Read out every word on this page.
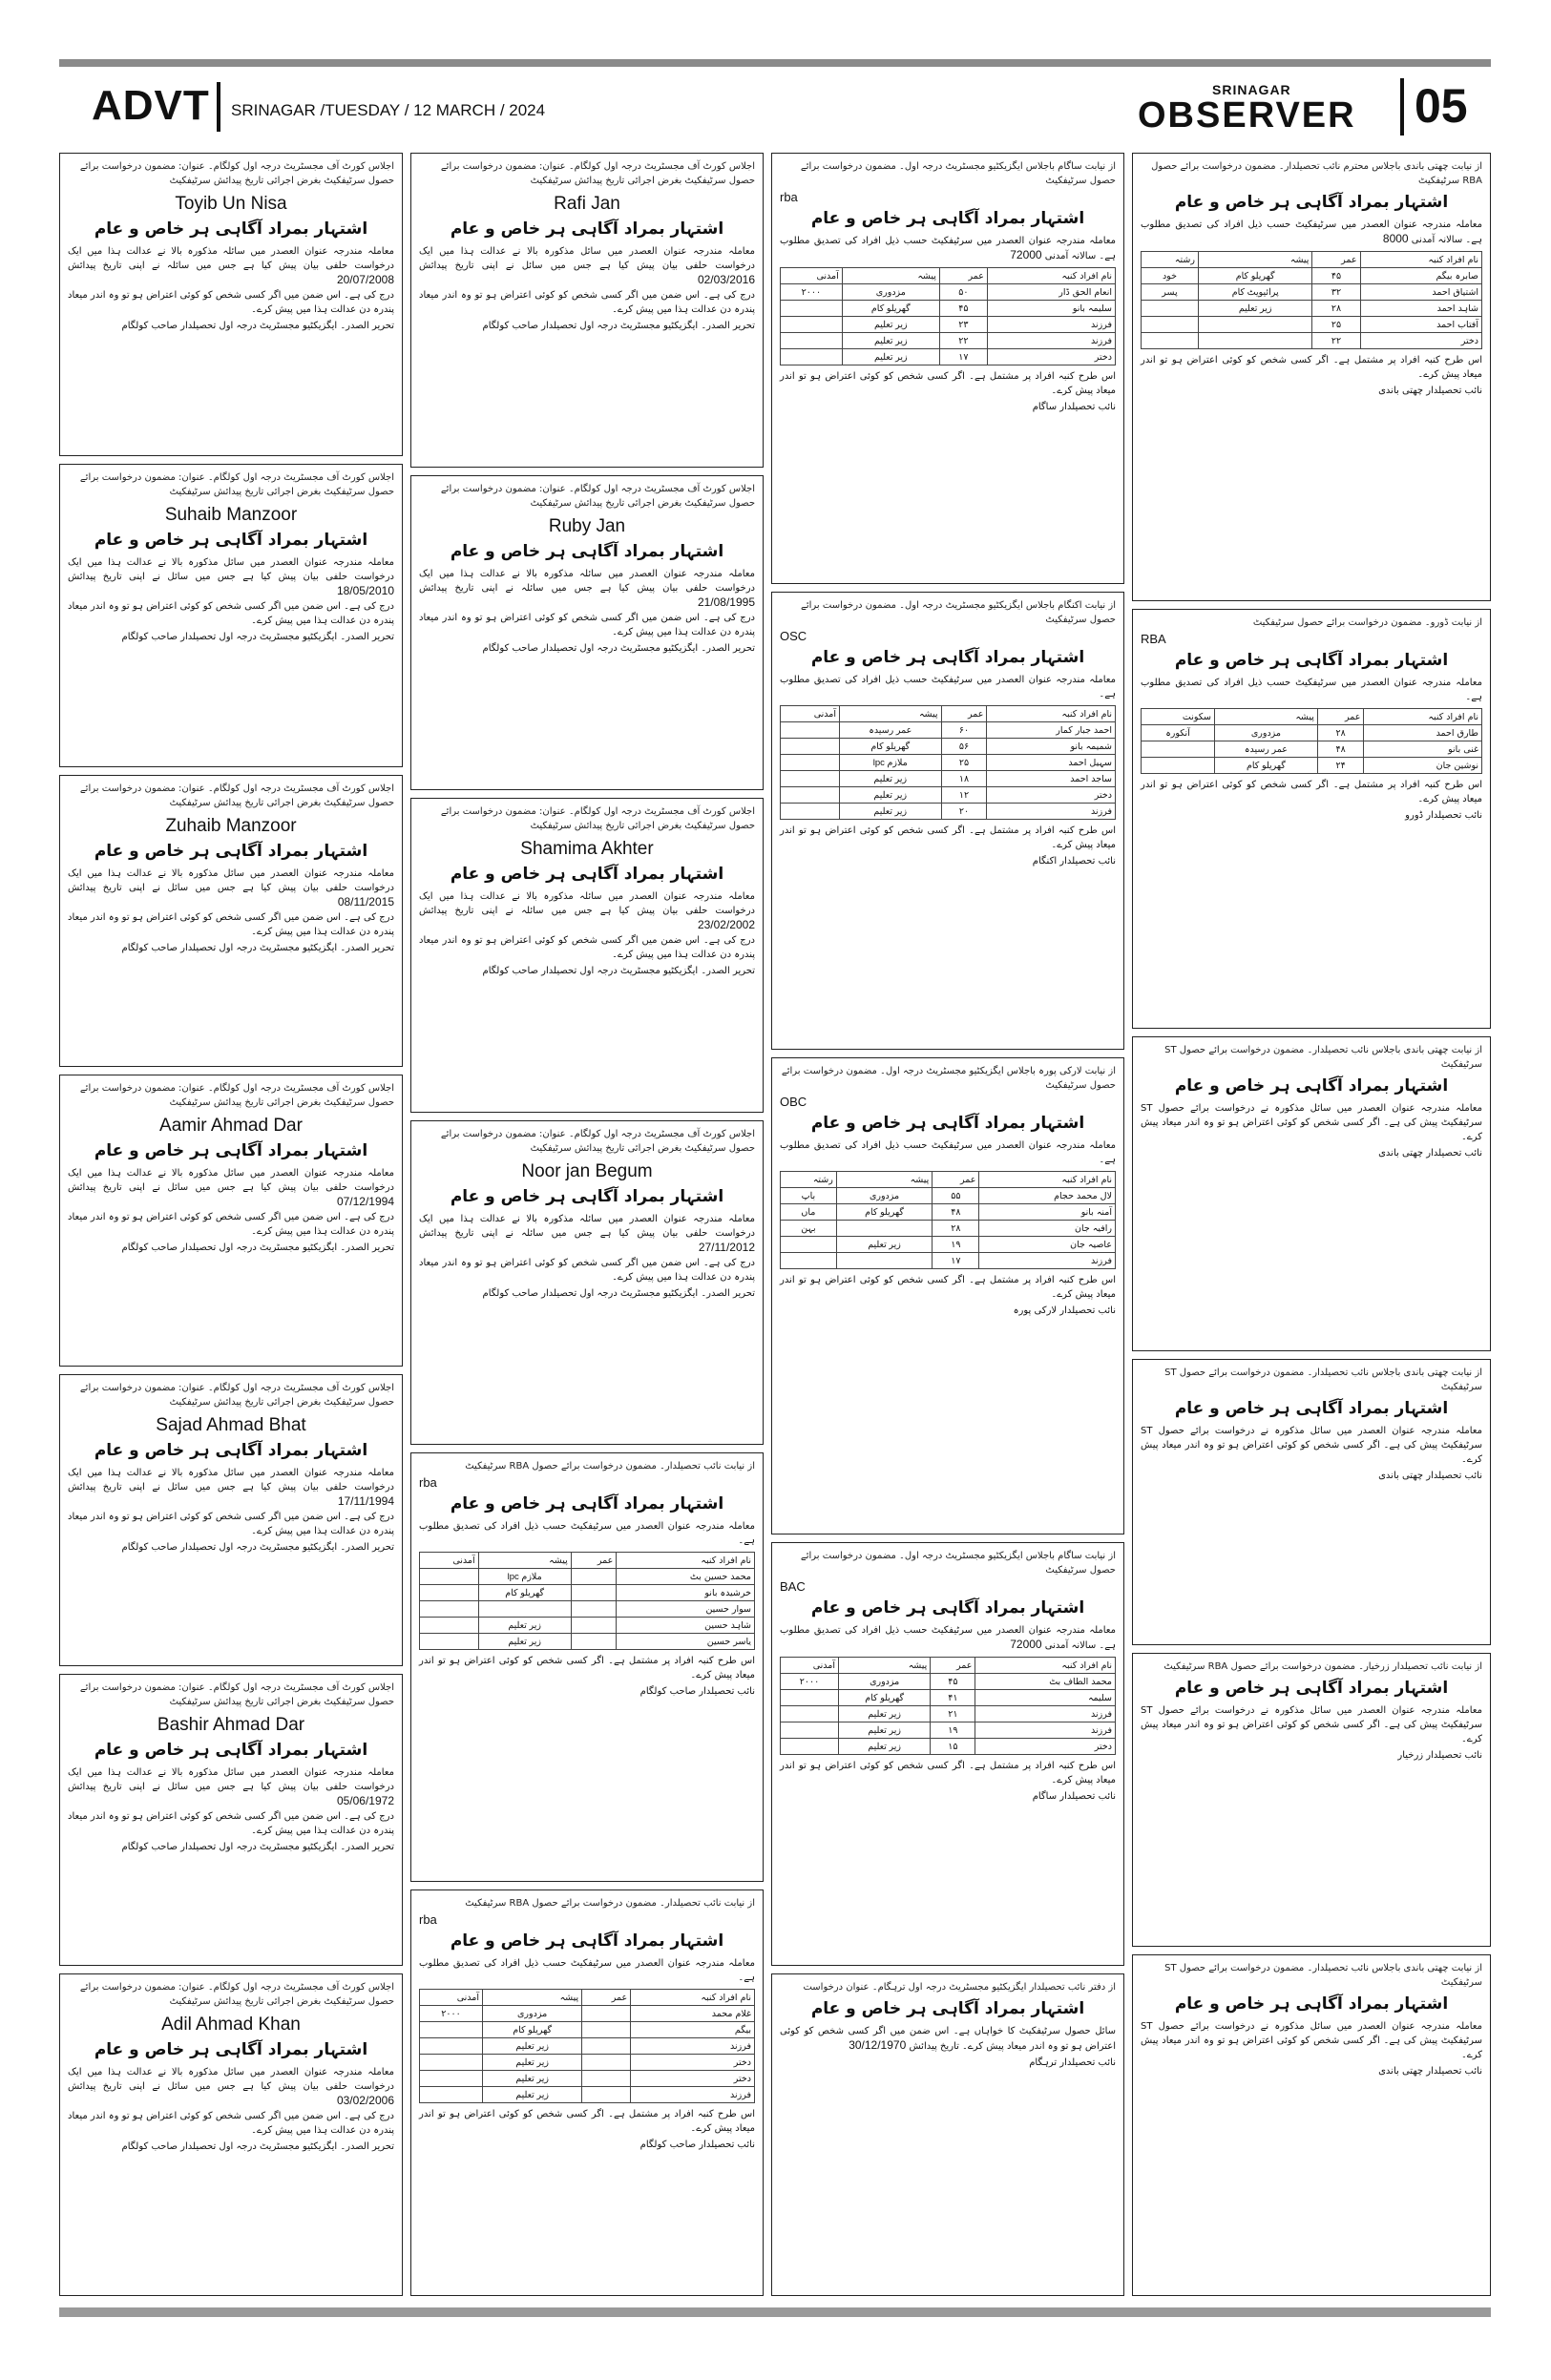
ADVT SRINAGAR /TUESDAY / 12 MARCH / 2024
SRINAGAR
OBSERVER 05
اجلاس کورٹ آف مجسٹریٹ درجہ اول کولگام۔ عنوان: مضمون درخواست برائے حصول سرٹیفکیٹ بغرض اجرائی تاریخ پیدائش سرٹیفکیٹ
Toyib Un Nisa
اشتہار بمراد آگاہی ہر خاص و عام
معاملہ مندرجہ عنوان العصدر میں سائلہ مذکورہ بالا نے عدالت ہذا میں ایک درخواست حلفی بیان پیش کیا ہے جس میں سائلہ نے اپنی تاریخ پیدائش 20/07/2008
درج کی ہے۔ اس ضمن میں اگر کسی شخص کو کوئی اعتراض ہو تو وہ اندر میعاد پندرہ دن عدالت ہذا میں پیش کرے۔
تحریر الصدر۔ ایگزیکٹیو مجسٹریٹ درجہ اول تحصیلدار صاحب کولگام
اجلاس کورٹ آف مجسٹریٹ درجہ اول کولگام۔ عنوان: مضمون درخواست برائے حصول سرٹیفکیٹ بغرض اجرائی تاریخ پیدائش سرٹیفکیٹ
Suhaib Manzoor
اشتہار بمراد آگاہی ہر خاص و عام
معاملہ مندرجہ عنوان العصدر میں سائل مذکورہ بالا نے عدالت ہذا میں ایک درخواست حلفی بیان پیش کیا ہے جس میں سائل نے اپنی تاریخ پیدائش 18/05/2010
درج کی ہے۔ اس ضمن میں اگر کسی شخص کو کوئی اعتراض ہو تو وہ اندر میعاد پندرہ دن عدالت ہذا میں پیش کرے۔
تحریر الصدر۔ ایگزیکٹیو مجسٹریٹ درجہ اول تحصیلدار صاحب کولگام
اجلاس کورٹ آف مجسٹریٹ درجہ اول کولگام۔ عنوان: مضمون درخواست برائے حصول سرٹیفکیٹ بغرض اجرائی تاریخ پیدائش سرٹیفکیٹ
Zuhaib Manzoor
اشتہار بمراد آگاہی ہر خاص و عام
معاملہ مندرجہ عنوان العصدر میں سائل مذکورہ بالا نے عدالت ہذا میں ایک درخواست حلفی بیان پیش کیا ہے جس میں سائل نے اپنی تاریخ پیدائش 08/11/2015
درج کی ہے۔ اس ضمن میں اگر کسی شخص کو کوئی اعتراض ہو تو وہ اندر میعاد پندرہ دن عدالت ہذا میں پیش کرے۔
تحریر الصدر۔ ایگزیکٹیو مجسٹریٹ درجہ اول تحصیلدار صاحب کولگام
اجلاس کورٹ آف مجسٹریٹ درجہ اول کولگام۔ عنوان: مضمون درخواست برائے حصول سرٹیفکیٹ بغرض اجرائی تاریخ پیدائش سرٹیفکیٹ
Aamir Ahmad Dar
اشتہار بمراد آگاہی ہر خاص و عام
معاملہ مندرجہ عنوان العصدر میں سائل مذکورہ بالا نے عدالت ہذا میں ایک درخواست حلفی بیان پیش کیا ہے جس میں سائل نے اپنی تاریخ پیدائش 07/12/1994
درج کی ہے۔ اس ضمن میں اگر کسی شخص کو کوئی اعتراض ہو تو وہ اندر میعاد پندرہ دن عدالت ہذا میں پیش کرے۔
تحریر الصدر۔ ایگزیکٹیو مجسٹریٹ درجہ اول تحصیلدار صاحب کولگام
اجلاس کورٹ آف مجسٹریٹ درجہ اول کولگام۔ عنوان: مضمون درخواست برائے حصول سرٹیفکیٹ بغرض اجرائی تاریخ پیدائش سرٹیفکیٹ
Sajad Ahmad Bhat
اشتہار بمراد آگاہی ہر خاص و عام
معاملہ مندرجہ عنوان العصدر میں سائل مذکورہ بالا نے عدالت ہذا میں ایک درخواست حلفی بیان پیش کیا ہے جس میں سائل نے اپنی تاریخ پیدائش 17/11/1994
درج کی ہے۔ اس ضمن میں اگر کسی شخص کو کوئی اعتراض ہو تو وہ اندر میعاد پندرہ دن عدالت ہذا میں پیش کرے۔
تحریر الصدر۔ ایگزیکٹیو مجسٹریٹ درجہ اول تحصیلدار صاحب کولگام
اجلاس کورٹ آف مجسٹریٹ درجہ اول کولگام۔ عنوان: مضمون درخواست برائے حصول سرٹیفکیٹ بغرض اجرائی تاریخ پیدائش سرٹیفکیٹ
Bashir Ahmad Dar
اشتہار بمراد آگاہی ہر خاص و عام
معاملہ مندرجہ عنوان العصدر میں سائل مذکورہ بالا نے عدالت ہذا میں ایک درخواست حلفی بیان پیش کیا ہے جس میں سائل نے اپنی تاریخ پیدائش 05/06/1972
درج کی ہے۔ اس ضمن میں اگر کسی شخص کو کوئی اعتراض ہو تو وہ اندر میعاد پندرہ دن عدالت ہذا میں پیش کرے۔
تحریر الصدر۔ ایگزیکٹیو مجسٹریٹ درجہ اول تحصیلدار صاحب کولگام
اجلاس کورٹ آف مجسٹریٹ درجہ اول کولگام۔ عنوان: مضمون درخواست برائے حصول سرٹیفکیٹ بغرض اجرائی تاریخ پیدائش سرٹیفکیٹ
Adil Ahmad Khan
اشتہار بمراد آگاہی ہر خاص و عام
معاملہ مندرجہ عنوان العصدر میں سائل مذکورہ بالا نے عدالت ہذا میں ایک درخواست حلفی بیان پیش کیا ہے جس میں سائل نے اپنی تاریخ پیدائش 03/02/2006
درج کی ہے۔ اس ضمن میں اگر کسی شخص کو کوئی اعتراض ہو تو وہ اندر میعاد پندرہ دن عدالت ہذا میں پیش کرے۔
تحریر الصدر۔ ایگزیکٹیو مجسٹریٹ درجہ اول تحصیلدار صاحب کولگام
اجلاس کورٹ آف مجسٹریٹ درجہ اول کولگام۔ عنوان: مضمون درخواست برائے حصول سرٹیفکیٹ بغرض اجرائی تاریخ پیدائش سرٹیفکیٹ
Rafi Jan
اشتہار بمراد آگاہی ہر خاص و عام
معاملہ مندرجہ عنوان العصدر میں سائل مذکورہ بالا نے عدالت ہذا میں ایک درخواست حلفی بیان پیش کیا ہے جس میں سائل نے اپنی تاریخ پیدائش 02/03/2016
درج کی ہے۔ اس ضمن میں اگر کسی شخص کو کوئی اعتراض ہو تو وہ اندر میعاد پندرہ دن عدالت ہذا میں پیش کرے۔
تحریر الصدر۔ ایگزیکٹیو مجسٹریٹ درجہ اول تحصیلدار صاحب کولگام
اجلاس کورٹ آف مجسٹریٹ درجہ اول کولگام۔ عنوان: مضمون درخواست برائے حصول سرٹیفکیٹ بغرض اجرائی تاریخ پیدائش سرٹیفکیٹ
Ruby Jan
اشتہار بمراد آگاہی ہر خاص و عام
معاملہ مندرجہ عنوان العصدر میں سائلہ مذکورہ بالا نے عدالت ہذا میں ایک درخواست حلفی بیان پیش کیا ہے جس میں سائلہ نے اپنی تاریخ پیدائش 21/08/1995
درج کی ہے۔ اس ضمن میں اگر کسی شخص کو کوئی اعتراض ہو تو وہ اندر میعاد پندرہ دن عدالت ہذا میں پیش کرے۔
تحریر الصدر۔ ایگزیکٹیو مجسٹریٹ درجہ اول تحصیلدار صاحب کولگام
اجلاس کورٹ آف مجسٹریٹ درجہ اول کولگام۔ عنوان: مضمون درخواست برائے حصول سرٹیفکیٹ بغرض اجرائی تاریخ پیدائش سرٹیفکیٹ
Shamima Akhter
اشتہار بمراد آگاہی ہر خاص و عام
معاملہ مندرجہ عنوان العصدر میں سائلہ مذکورہ بالا نے عدالت ہذا میں ایک درخواست حلفی بیان پیش کیا ہے جس میں سائلہ نے اپنی تاریخ پیدائش 23/02/2002
درج کی ہے۔ اس ضمن میں اگر کسی شخص کو کوئی اعتراض ہو تو وہ اندر میعاد پندرہ دن عدالت ہذا میں پیش کرے۔
تحریر الصدر۔ ایگزیکٹیو مجسٹریٹ درجہ اول تحصیلدار صاحب کولگام
اجلاس کورٹ آف مجسٹریٹ درجہ اول کولگام۔ عنوان: مضمون درخواست برائے حصول سرٹیفکیٹ بغرض اجرائی تاریخ پیدائش سرٹیفکیٹ
Noor jan Begum
اشتہار بمراد آگاہی ہر خاص و عام
معاملہ مندرجہ عنوان العصدر میں سائلہ مذکورہ بالا نے عدالت ہذا میں ایک درخواست حلفی بیان پیش کیا ہے جس میں سائلہ نے اپنی تاریخ پیدائش 27/11/2012
درج کی ہے۔ اس ضمن میں اگر کسی شخص کو کوئی اعتراض ہو تو وہ اندر میعاد پندرہ دن عدالت ہذا میں پیش کرے۔
تحریر الصدر۔ ایگزیکٹیو مجسٹریٹ درجہ اول تحصیلدار صاحب کولگام
از نیابت نائب تحصیلدار۔ مضمون درخواست برائے حصول RBA سرٹیفکیٹ
rba
اشتہار بمراد آگاہی ہر خاص و عام
معاملہ مندرجہ عنوان العصدر میں سرٹیفکیٹ حسب ذیل افراد کی تصدیق مطلوب ہے۔
نام افراد کنبہ	عمر	پیشہ	آمدنی
محمد حسین بٹ		ملازم lpc	
خرشیدہ بانو		گھریلو کام	
سوار حسین			
شاہد حسین		زیر تعلیم	
یاسر حسین		زیر تعلیم	
اس طرح کنبہ افراد پر مشتمل ہے۔ اگر کسی شخص کو کوئی اعتراض ہو تو اندر میعاد پیش کرے۔
نائب تحصیلدار صاحب کولگام
از نیابت نائب تحصیلدار۔ مضمون درخواست برائے حصول RBA سرٹیفکیٹ
rba
اشتہار بمراد آگاہی ہر خاص و عام
معاملہ مندرجہ عنوان العصدر میں سرٹیفکیٹ حسب ذیل افراد کی تصدیق مطلوب ہے۔
نام افراد کنبہ	عمر	پیشہ	آمدنی
غلام محمد		مزدوری	۲۰۰۰
بیگم		گھریلو کام	
فرزند		زیر تعلیم	
دختر		زیر تعلیم	
دختر		زیر تعلیم	
فرزند		زیر تعلیم	
اس طرح کنبہ افراد پر مشتمل ہے۔ اگر کسی شخص کو کوئی اعتراض ہو تو اندر میعاد پیش کرے۔
نائب تحصیلدار صاحب کولگام
از نیابت ساگام باجلاس ایگزیکٹیو مجسٹریٹ درجہ اول۔ مضمون درخواست برائے حصول سرٹیفکیٹ
rba
اشتہار بمراد آگاہی ہر خاص و عام
معاملہ مندرجہ عنوان العصدر میں سرٹیفکیٹ حسب ذیل افراد کی تصدیق مطلوب ہے۔ سالانہ آمدنی 72000
نام افراد کنبہ	عمر	پیشہ	آمدنی
انعام الحق ڈار	۵۰	مزدوری	۲۰۰۰
سلیمہ بانو	۴۵	گھریلو کام	
فرزند	۲۳	زیر تعلیم	
فرزند	۲۲	زیر تعلیم	
دختر	۱۷	زیر تعلیم	
اس طرح کنبہ افراد پر مشتمل ہے۔ اگر کسی شخص کو کوئی اعتراض ہو تو اندر میعاد پیش کرے۔
نائب تحصیلدار ساگام
از نیابت اکنگام باجلاس ایگزیکٹیو مجسٹریٹ درجہ اول۔ مضمون درخواست برائے حصول سرٹیفکیٹ
OSC
اشتہار بمراد آگاہی ہر خاص و عام
معاملہ مندرجہ عنوان العصدر میں سرٹیفکیٹ حسب ذیل افراد کی تصدیق مطلوب ہے۔
نام افراد کنبہ	عمر	پیشہ	آمدنی
احمد جبار کمار	۶۰	عمر رسیدہ	
شمیمہ بانو	۵۶	گھریلو کام	
سہیل احمد	۲۵	ملازم lpc	
ساجد احمد	۱۸	زیر تعلیم	
دختر	۱۲	زیر تعلیم	
فرزند	۲۰	زیر تعلیم	
اس طرح کنبہ افراد پر مشتمل ہے۔ اگر کسی شخص کو کوئی اعتراض ہو تو اندر میعاد پیش کرے۔
نائب تحصیلدار اکنگام
از نیابت لارکی پورہ باجلاس ایگزیکٹیو مجسٹریٹ درجہ اول۔ مضمون درخواست برائے حصول سرٹیفکیٹ
OBC
اشتہار بمراد آگاہی ہر خاص و عام
معاملہ مندرجہ عنوان العصدر میں سرٹیفکیٹ حسب ذیل افراد کی تصدیق مطلوب ہے۔
نام افراد کنبہ	عمر	پیشہ	رشتہ
لال محمد حجام	۵۵	مزدوری	باپ
آمنہ بانو	۴۸	گھریلو کام	ماں
رافیہ جان	۲۸		بہن
عاصیہ جان	۱۹	زیر تعلیم	
فرزند	۱۷		
اس طرح کنبہ افراد پر مشتمل ہے۔ اگر کسی شخص کو کوئی اعتراض ہو تو اندر میعاد پیش کرے۔
نائب تحصیلدار لارکی پورہ
از نیابت ساگام باجلاس ایگزیکٹیو مجسٹریٹ درجہ اول۔ مضمون درخواست برائے حصول سرٹیفکیٹ
BAC
اشتہار بمراد آگاہی ہر خاص و عام
معاملہ مندرجہ عنوان العصدر میں سرٹیفکیٹ حسب ذیل افراد کی تصدیق مطلوب ہے۔ سالانہ آمدنی 72000
نام افراد کنبہ	عمر	پیشہ	آمدنی
محمد الطاف بٹ	۴۵	مزدوری	۲۰۰۰
سلیمہ	۴۱	گھریلو کام	
فرزند	۲۱	زیر تعلیم	
فرزند	۱۹	زیر تعلیم	
دختر	۱۵	زیر تعلیم	
اس طرح کنبہ افراد پر مشتمل ہے۔ اگر کسی شخص کو کوئی اعتراض ہو تو اندر میعاد پیش کرے۔
نائب تحصیلدار ساگام
از دفتر نائب تحصیلدار ایگزیکٹیو مجسٹریٹ درجہ اول ترہگام۔ عنوان درخواست
اشتہار بمراد آگاہی ہر خاص و عام
سائل حصول سرٹیفکیٹ کا خواہاں ہے۔ اس ضمن میں اگر کسی شخص کو کوئی اعتراض ہو تو وہ اندر میعاد پیش کرے۔ تاریخ پیدائش 30/12/1970
نائب تحصیلدار ترہگام
از نیابت چھتی باندی باجلاس محترم نائب تحصیلدار۔ مضمون درخواست برائے حصول RBA سرٹیفکیٹ
اشتہار بمراد آگاہی ہر خاص و عام
معاملہ مندرجہ عنوان العصدر میں سرٹیفکیٹ حسب ذیل افراد کی تصدیق مطلوب ہے۔ سالانہ آمدنی 8000
نام افراد کنبہ	عمر	پیشہ	رشتہ
صابرہ بیگم	۴۵	گھریلو کام	خود
اشتیاق احمد	۳۲	پرائیویٹ کام	پسر
شاہد احمد	۲۸	زیر تعلیم	
آفتاب احمد	۲۵		
دختر	۲۲		
اس طرح کنبہ افراد پر مشتمل ہے۔ اگر کسی شخص کو کوئی اعتراض ہو تو اندر میعاد پیش کرے۔
نائب تحصیلدار چھتی باندی
از نیابت ڈورو۔ مضمون درخواست برائے حصول سرٹیفکیٹ
RBA
اشتہار بمراد آگاہی ہر خاص و عام
معاملہ مندرجہ عنوان العصدر میں سرٹیفکیٹ حسب ذیل افراد کی تصدیق مطلوب ہے۔
نام افراد کنبہ	عمر	پیشہ	سکونت
طارق احمد	۲۸	مزدوری	آنکورہ
غنی بانو	۴۸	عمر رسیدہ	
نوشین جان	۲۴	گھریلو کام	
اس طرح کنبہ افراد پر مشتمل ہے۔ اگر کسی شخص کو کوئی اعتراض ہو تو اندر میعاد پیش کرے۔
نائب تحصیلدار ڈورو
از نیابت چھتی باندی باجلاس نائب تحصیلدار۔ مضمون درخواست برائے حصول ST سرٹیفکیٹ
اشتہار بمراد آگاہی ہر خاص و عام
معاملہ مندرجہ عنوان العصدر میں سائل مذکورہ نے درخواست برائے حصول ST سرٹیفکیٹ پیش کی ہے۔ اگر کسی شخص کو کوئی اعتراض ہو تو وہ اندر میعاد پیش کرے۔
نائب تحصیلدار چھتی باندی
از نیابت چھتی باندی باجلاس نائب تحصیلدار۔ مضمون درخواست برائے حصول ST سرٹیفکیٹ
اشتہار بمراد آگاہی ہر خاص و عام
معاملہ مندرجہ عنوان العصدر میں سائل مذکورہ نے درخواست برائے حصول ST سرٹیفکیٹ پیش کی ہے۔ اگر کسی شخص کو کوئی اعتراض ہو تو وہ اندر میعاد پیش کرے۔
نائب تحصیلدار چھتی باندی
از نیابت نائب تحصیلدار زرخیار۔ مضمون درخواست برائے حصول RBA سرٹیفکیٹ
اشتہار بمراد آگاہی ہر خاص و عام
معاملہ مندرجہ عنوان العصدر میں سائل مذکورہ نے درخواست برائے حصول ST سرٹیفکیٹ پیش کی ہے۔ اگر کسی شخص کو کوئی اعتراض ہو تو وہ اندر میعاد پیش کرے۔
نائب تحصیلدار زرخیار
از نیابت چھتی باندی باجلاس نائب تحصیلدار۔ مضمون درخواست برائے حصول ST سرٹیفکیٹ
اشتہار بمراد آگاہی ہر خاص و عام
معاملہ مندرجہ عنوان العصدر میں سائل مذکورہ نے درخواست برائے حصول ST سرٹیفکیٹ پیش کی ہے۔ اگر کسی شخص کو کوئی اعتراض ہو تو وہ اندر میعاد پیش کرے۔
نائب تحصیلدار چھتی باندی
